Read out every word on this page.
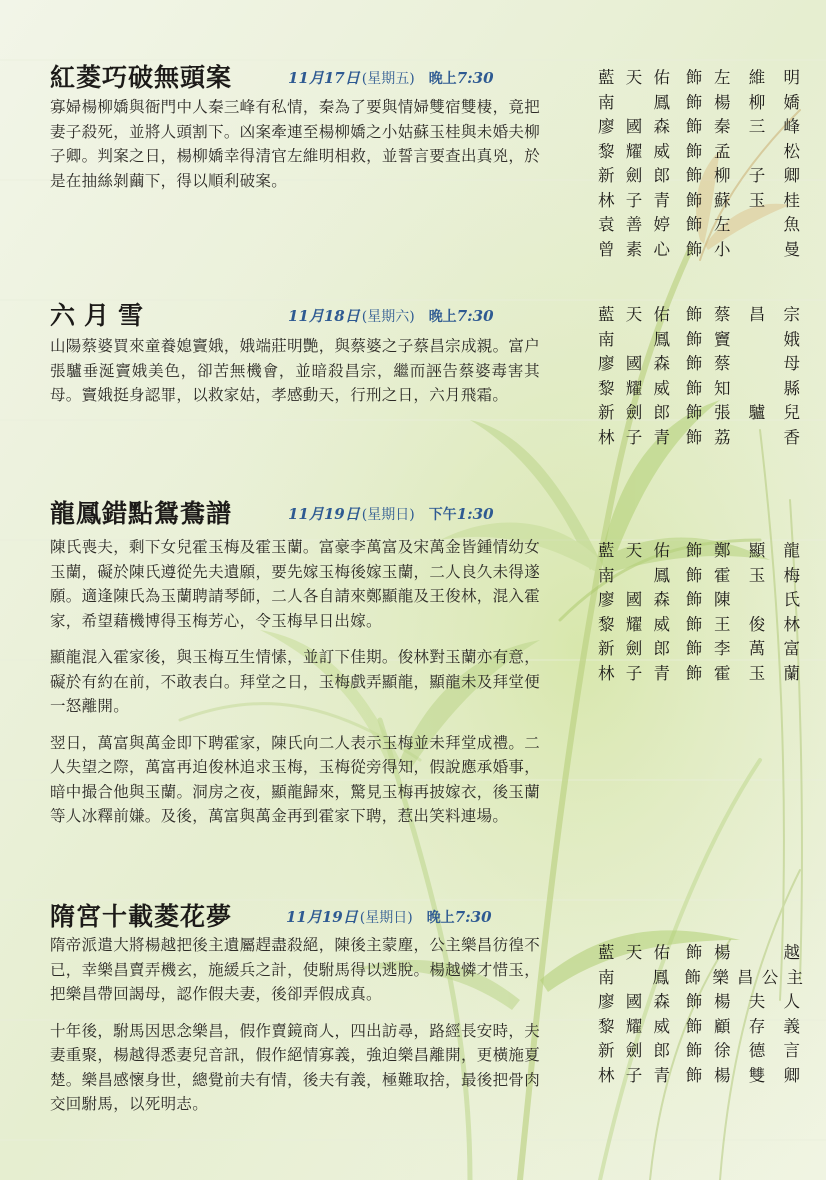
紅菱巧破無頭案	11月17日 (星期五) 晚上7:30

寡婦楊柳嬌與衙門中人秦三峰有私情，秦為了要與情婦雙宿雙棲，竟把妻子殺死，並將人頭割下。凶案牽連至楊柳嬌之小姑蘇玉桂與未婚夫柳子卿。判案之日，楊柳嬌幸得清官左維明相救，並誓言要查出真兇，於是在抽絲剝繭下，得以順利破案。

藍 天 佑 飾 左 維 明
南 鳳 飾 楊 柳 嬌
廖 國 森 飾 秦 三 峰
黎 耀 威 飾 孟	松
新 劍 郎 飾 柳 子 卿
林 子 青 飾 蘇 玉 桂
袁 善 婷 飾 左	魚
曾 素 心 飾 小	曼
六月雪	11月18日 (星期六) 晚上7:30

山陽蔡婆買來童養媳竇娥，娥端莊明艷，與蔡婆之子蔡昌宗成親。富户張驢垂涎竇娥美色，卻苦無機會，並暗殺昌宗，繼而誣告蔡婆毒害其母。竇娥挺身認罪，以救家姑，孝感動天，行刑之日，六月飛霜。

藍 天 佑 飾 蔡 昌 宗
南 鳳 飾 竇	娥
廖 國 森 飾 蔡	母
黎 耀 威 飾 知	縣
新 劍 郎 飾 張 驢 兒
林 子 青 飾 荔	香
龍鳳錯點鴛鴦譜	11月19日 (星期日) 下午1:30

陳氏喪夫，剩下女兒霍玉梅及霍玉蘭。富豪李萬富及宋萬金皆鍾情幼女玉蘭，礙於陳氏遵從先夫遺願，要先嫁玉梅後嫁玉蘭，二人良久未得遂願。適逢陳氏為玉蘭聘請琴師，二人各自請來鄭顯龍及王俊林，混入霍家，希望藉機博得玉梅芳心，令玉梅早日出嫁。

顯龍混入霍家後，與玉梅互生情愫，並訂下佳期。俊林對玉蘭亦有意，礙於有約在前，不敢表白。拜堂之日，玉梅戲弄顯龍，顯龍未及拜堂便一怒離開。

翌日，萬富與萬金即下聘霍家，陳氏向二人表示玉梅並未拜堂成禮。二人失望之際，萬富再迫俊林追求玉梅，玉梅從旁得知，假說應承婚事，暗中撮合他與玉蘭。洞房之夜，顯龍歸來，驚見玉梅再披嫁衣，後玉蘭等人冰釋前嫌。及後，萬富與萬金再到霍家下聘，惹出笑料連場。

藍 天 佑 飾 鄭 顯 龍
南 鳳 飾 霍 玉 梅
廖 國 森 飾 陳	氏
黎 耀 威 飾 王 俊 林
新 劍 郎 飾 李 萬 富
林 子 青 飾 霍 玉 蘭
隋宮十載菱花夢	11月19日 (星期日) 晚上7:30

隋帝派遣大將楊越把後主遺屬趕盡殺絕，陳後主蒙塵，公主樂昌彷徨不已，幸樂昌賣弄機玄，施緩兵之計，使駙馬得以逃脫。楊越憐才惜玉，把樂昌帶回謁母，認作假夫妻，後卻弄假成真。

十年後，駙馬因思念樂昌，假作賣鏡商人，四出訪尋，路經長安時，夫妻重聚，楊越得悉妻兒音訊，假作絕情寡義，強迫樂昌離開，更橫施夏楚。樂昌感懷身世，總覺前夫有情，後夫有義，極難取捨，最後把骨肉交回駙馬，以死明志。

藍 天 佑 飾 楊	越
南 鳳 飾 樂 昌 公 主
廖 國 森 飾 楊 夫 人
黎 耀 威 飾 顧 存 義
新 劍 郎 飾 徐 德 言
林 子 青 飾 楊 雙 卿
